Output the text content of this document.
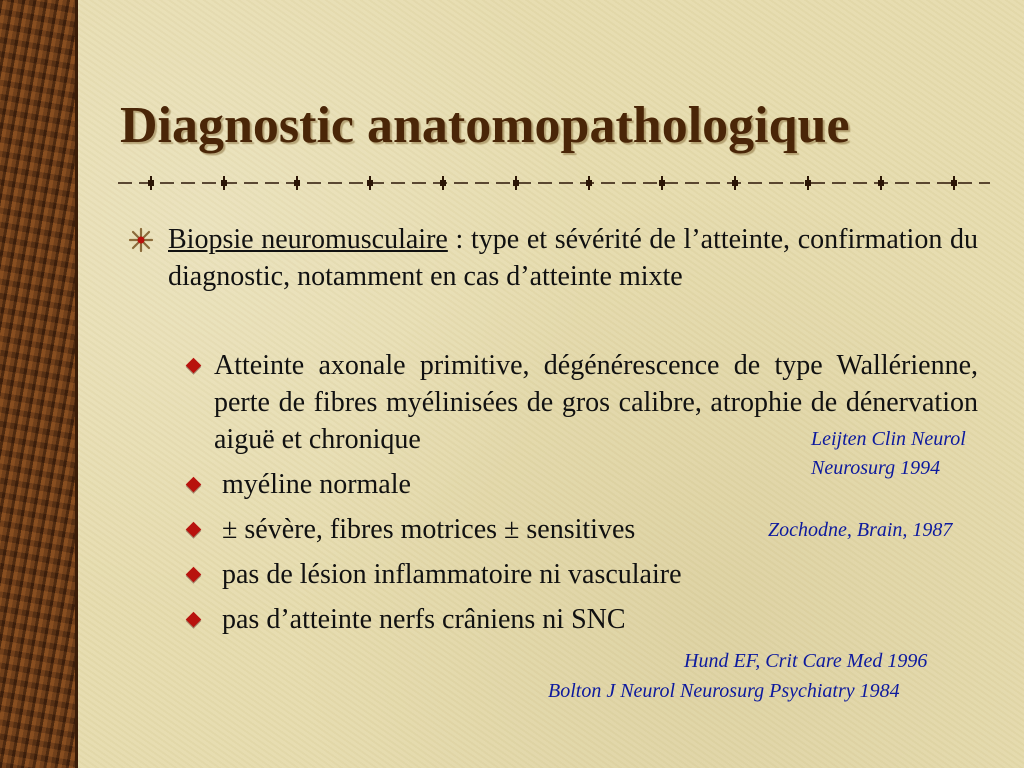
Diagnostic anatomopathologique
Biopsie neuromusculaire : type et sévérité de l’atteinte, confirmation du diagnostic, notamment en cas d’atteinte mixte
Atteinte axonale primitive, dégénérescence de type Wallérienne, perte de fibres myélinisées de gros calibre, atrophie de dénervation aiguë et chronique
myéline normale
± sévère, fibres motrices ± sensitives
pas de lésion inflammatoire ni vasculaire
pas d’atteinte nerfs crâniens ni SNC
Leijten Clin Neurol
Neurosurg 1994
Zochodne, Brain, 1987
Hund EF, Crit Care Med 1996
Bolton J Neurol Neurosurg Psychiatry 1984
